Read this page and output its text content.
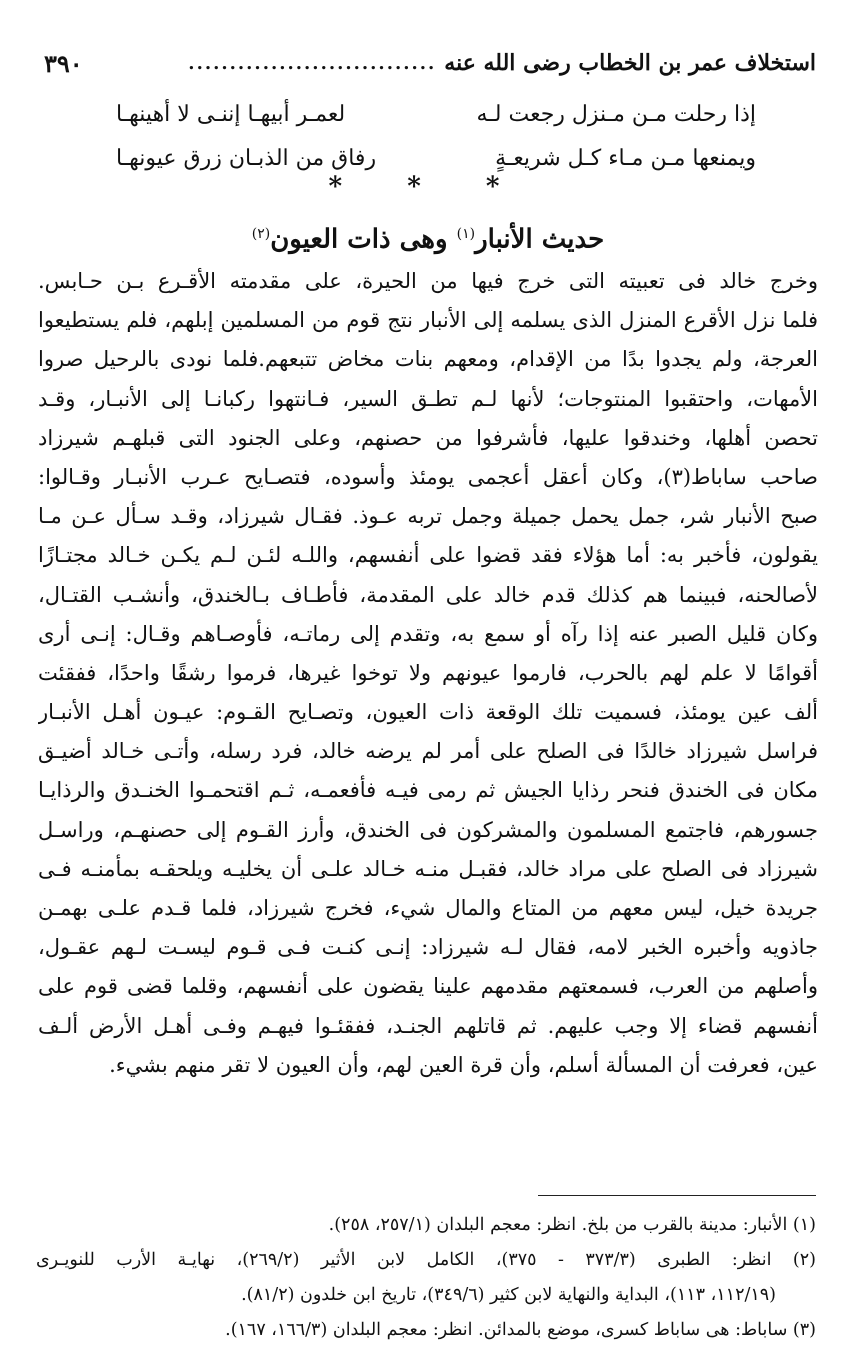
استخلاف عمر بن الخطاب رضى الله عنه
..............................
٣٩٠
إذا رحلت مـن مـنزل رجعت لـه
لعمـر أبيهـا إننـى لا أهينهـا
ويمنعها مـن مـاء كـل شريعـةٍ
رفاق من الذبـان زرق عيونهـا
* * *
حديث الأنبار$^{(١)}$ وهى ذات العيون$^{(٢)}$
وخرج خالد فى تعبيته التى خرج فيها من الحيرة، على مقدمته الأقـرع بـن حـابس.
فلما نزل الأقرع المنزل الذى يسلمه إلى الأنبار نتج قوم من المسلمين إبلهم، فلم يستطيعوا
العرجة، ولم يجدوا بدًا من الإقدام، ومعهم بنات مخاض تتبعهم.فلما نودى بالرحيل صروا
الأمهات، واحتقبوا المنتوجات؛ لأنها لـم تطـق السير، فـانتهوا ركبانـا إلى الأنبـار، وقـد
تحصن أهلها، وخندقوا عليها، فأشرفوا من حصنهم، وعلى الجنود التى قبلهـم شيرزاد
صاحب ساباط(٣)، وكان أعقل أعجمى يومئذ وأسوده، فتصـايح عـرب الأنبـار وقـالوا:
صبح الأنبار شر، جمل يحمل جميلة وجمل تربه عـوذ. فقـال شيرزاد، وقـد سـأل عـن مـا
يقولون، فأخبر به: أما هؤلاء فقد قضوا على أنفسهم، واللـه لئـن لـم يكـن خـالد مجتـازًا
لأصالحنه، فبينما هم كذلك قدم خالد على المقدمة، فأطـاف بـالخندق، وأنشـب القتـال،
وكان قليل الصبر عنه إذا رآه أو سمع به، وتقدم إلى رماتـه، فأوصـاهم وقـال: إنـى أرى
أقوامًا لا علم لهم بالحرب، فارموا عيونهم ولا توخوا غيرها، فرموا رشقًا واحدًا، ففقئت
ألف عين يومئذ، فسميت تلك الوقعة ذات العيون، وتصـايح القـوم: عيـون أهـل الأنبـار
فراسل شيرزاد خالدًا فى الصلح على أمر لم يرضه خالد، فرد رسله، وأتـى خـالد أضيـق
مكان فى الخندق فنحر رذايا الجيش ثم رمى فيـه فأفعمـه، ثـم اقتحمـوا الخنـدق والرذايـا
جسورهم، فاجتمع المسلمون والمشركون فى الخندق، وأرز القـوم إلى حصنهـم، وراسـل
شيرزاد فى الصلح على مراد خالد، فقبـل منـه خـالد علـى أن يخليـه ويلحقـه بمأمنـه فـى
جريدة خيل، ليس معهم من المتاع والمال شيء، فخرج شيرزاد، فلما قـدم علـى بهمـن
جاذويه وأخبره الخبر لامه، فقال لـه شيرزاد: إنـى كنـت فـى قـوم ليسـت لـهم عقـول،
وأصلهم من العرب، فسمعتهم مقدمهم علينا يقضون على أنفسهم، وقلما قضى قوم على
أنفسهم قضاء إلا وجب عليهم. ثم قاتلهم الجنـد، ففقئـوا فيهـم وفـى أهـل الأرض ألـف
عين، فعرفت أن المسألة أسلم، وأن قرة العين لهم، وأن العيون لا تقر منهم بشيء.
(١) الأنبار: مدينة بالقرب من بلخ. انظر: معجم البلدان (٢٥٧/١، ٢٥٨).
(٢) انظر: الطبرى (٣٧٣/٣ - ٣٧٥)، الكامل لابن الأثير (٢٦٩/٢)، نهايـة الأرب للنويـرى
(١١٢/١٩، ١١٣)، البداية والنهاية لابن كثير (٣٤٩/٦)، تاريخ ابن خلدون (٨١/٢).
(٣) ساباط: هى ساباط كسرى، موضع بالمدائن. انظر: معجم البلدان (١٦٦/٣، ١٦٧).
